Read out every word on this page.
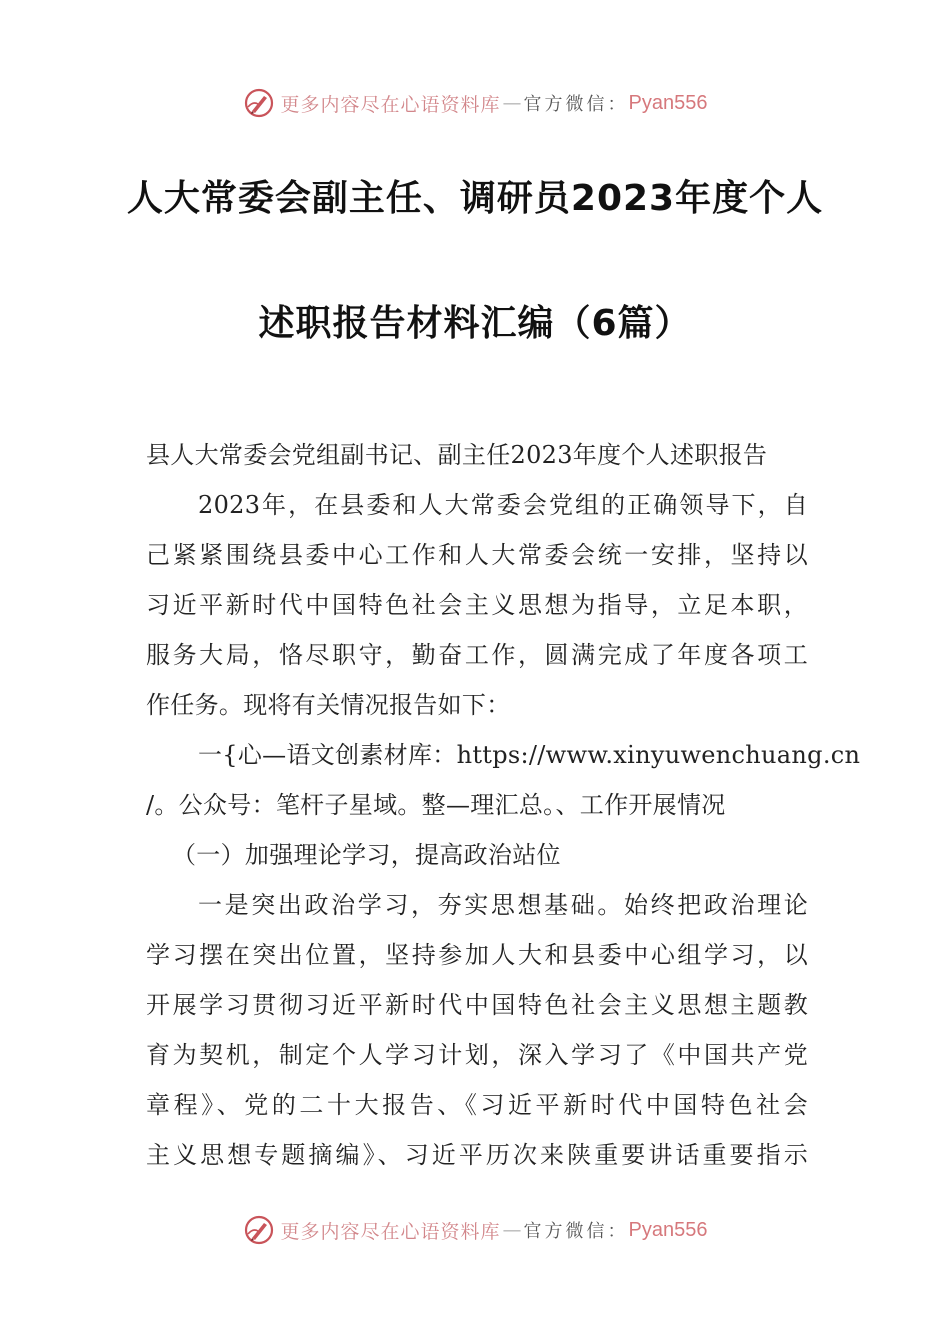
更多内容尽在心语资料库 — 官方微信： Pyan556
人大常委会副主任、调研员2023年度个人
述职报告材料汇编（6篇）
县人大常委会党组副书记、副主任2023年度个人述职报告
2023年，在县委和人大常委会党组的正确领导下，自
己紧紧围绕县委中心工作和人大常委会统一安排，坚持以
习近平新时代中国特色社会主义思想为指导，立足本职，
服务大局，恪尽职守，勤奋工作，圆满完成了年度各项工
作任务。现将有关情况报告如下：
一{心—语文创素材库：https://www.xinyuwenchuang.cn
/。公众号：笔杆子星域。整—理汇总。、工作开展情况
（一）加强理论学习，提高政治站位
一是突出政治学习，夯实思想基础。始终把政治理论
学习摆在突出位置，坚持参加人大和县委中心组学习，以
开展学习贯彻习近平新时代中国特色社会主义思想主题教
育为契机，制定个人学习计划，深入学习了《中国共产党
章程》、党的二十大报告、《习近平新时代中国特色社会
主义思想专题摘编》、习近平历次来陕重要讲话重要指示
更多内容尽在心语资料库 — 官方微信： Pyan556
